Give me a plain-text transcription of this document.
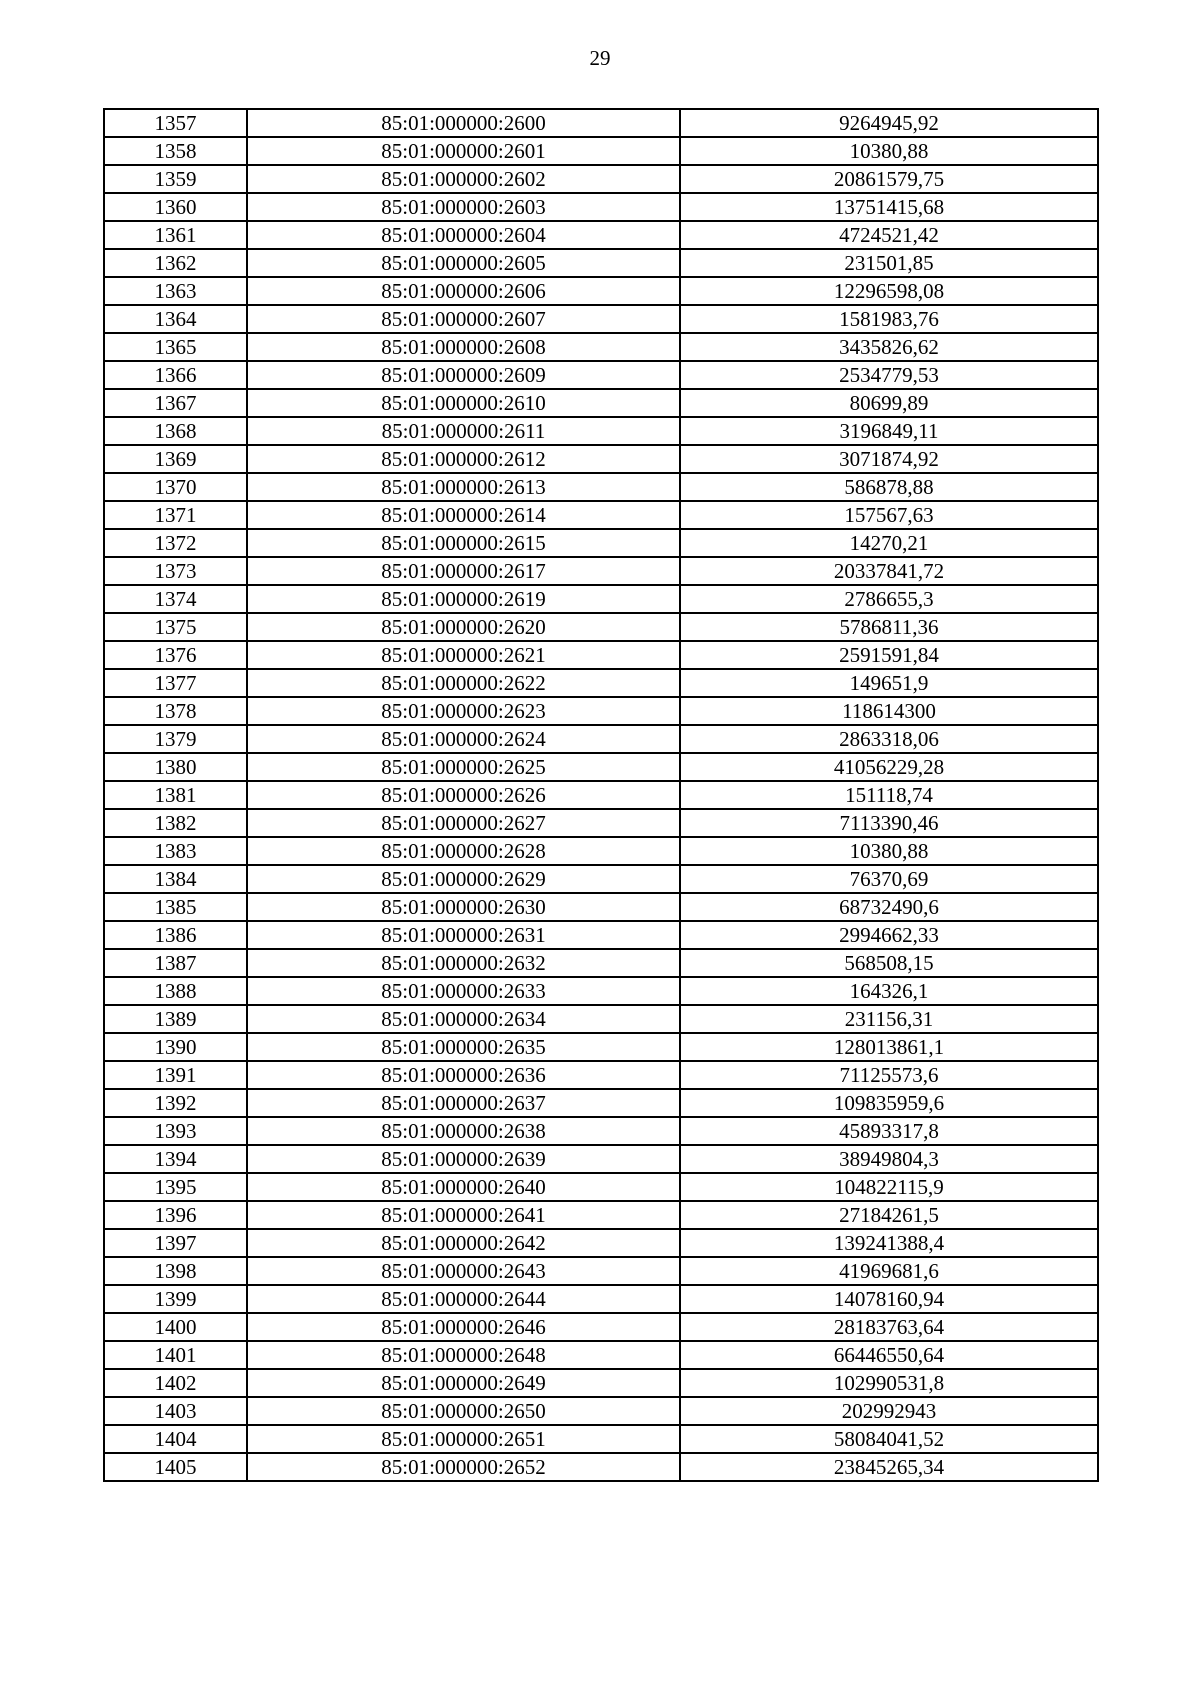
29
1357	85:01:000000:2600	9264945,92
1358	85:01:000000:2601	10380,88
1359	85:01:000000:2602	20861579,75
1360	85:01:000000:2603	13751415,68
1361	85:01:000000:2604	4724521,42
1362	85:01:000000:2605	231501,85
1363	85:01:000000:2606	12296598,08
1364	85:01:000000:2607	1581983,76
1365	85:01:000000:2608	3435826,62
1366	85:01:000000:2609	2534779,53
1367	85:01:000000:2610	80699,89
1368	85:01:000000:2611	3196849,11
1369	85:01:000000:2612	3071874,92
1370	85:01:000000:2613	586878,88
1371	85:01:000000:2614	157567,63
1372	85:01:000000:2615	14270,21
1373	85:01:000000:2617	20337841,72
1374	85:01:000000:2619	2786655,3
1375	85:01:000000:2620	5786811,36
1376	85:01:000000:2621	2591591,84
1377	85:01:000000:2622	149651,9
1378	85:01:000000:2623	118614300
1379	85:01:000000:2624	2863318,06
1380	85:01:000000:2625	41056229,28
1381	85:01:000000:2626	151118,74
1382	85:01:000000:2627	7113390,46
1383	85:01:000000:2628	10380,88
1384	85:01:000000:2629	76370,69
1385	85:01:000000:2630	68732490,6
1386	85:01:000000:2631	2994662,33
1387	85:01:000000:2632	568508,15
1388	85:01:000000:2633	164326,1
1389	85:01:000000:2634	231156,31
1390	85:01:000000:2635	128013861,1
1391	85:01:000000:2636	71125573,6
1392	85:01:000000:2637	109835959,6
1393	85:01:000000:2638	45893317,8
1394	85:01:000000:2639	38949804,3
1395	85:01:000000:2640	104822115,9
1396	85:01:000000:2641	27184261,5
1397	85:01:000000:2642	139241388,4
1398	85:01:000000:2643	41969681,6
1399	85:01:000000:2644	14078160,94
1400	85:01:000000:2646	28183763,64
1401	85:01:000000:2648	66446550,64
1402	85:01:000000:2649	102990531,8
1403	85:01:000000:2650	202992943
1404	85:01:000000:2651	58084041,52
1405	85:01:000000:2652	23845265,34
